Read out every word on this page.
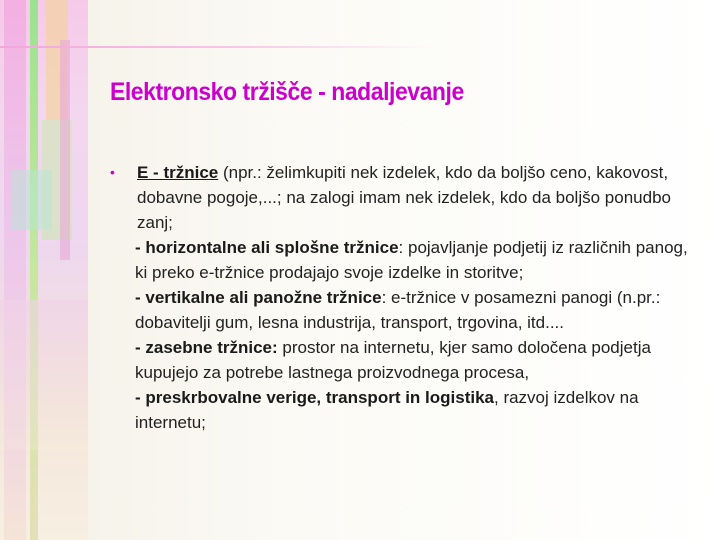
Elektronsko tržišče - nadaljevanje
•	E - tržnice (npr.: želimkupiti nek izdelek, kdo da boljšo ceno, kakovost, dobavne pogoje,...; na zalogi imam nek izdelek, kdo da boljšo ponudbo zanj;
- horizontalne ali splošne tržnice: pojavljanje podjetij iz različnih panog, ki preko e-tržnice prodajajo svoje izdelke in storitve;
- vertikalne ali panožne tržnice: e-tržnice v posamezni panogi (n.pr.: dobavitelji gum, lesna industrija, transport, trgovina, itd....
- zasebne tržnice: prostor na internetu, kjer samo določena podjetja kupujejo za potrebe lastnega proizvodnega procesa,
- preskrbovalne verige, transport in logistika, razvoj izdelkov na internetu;
